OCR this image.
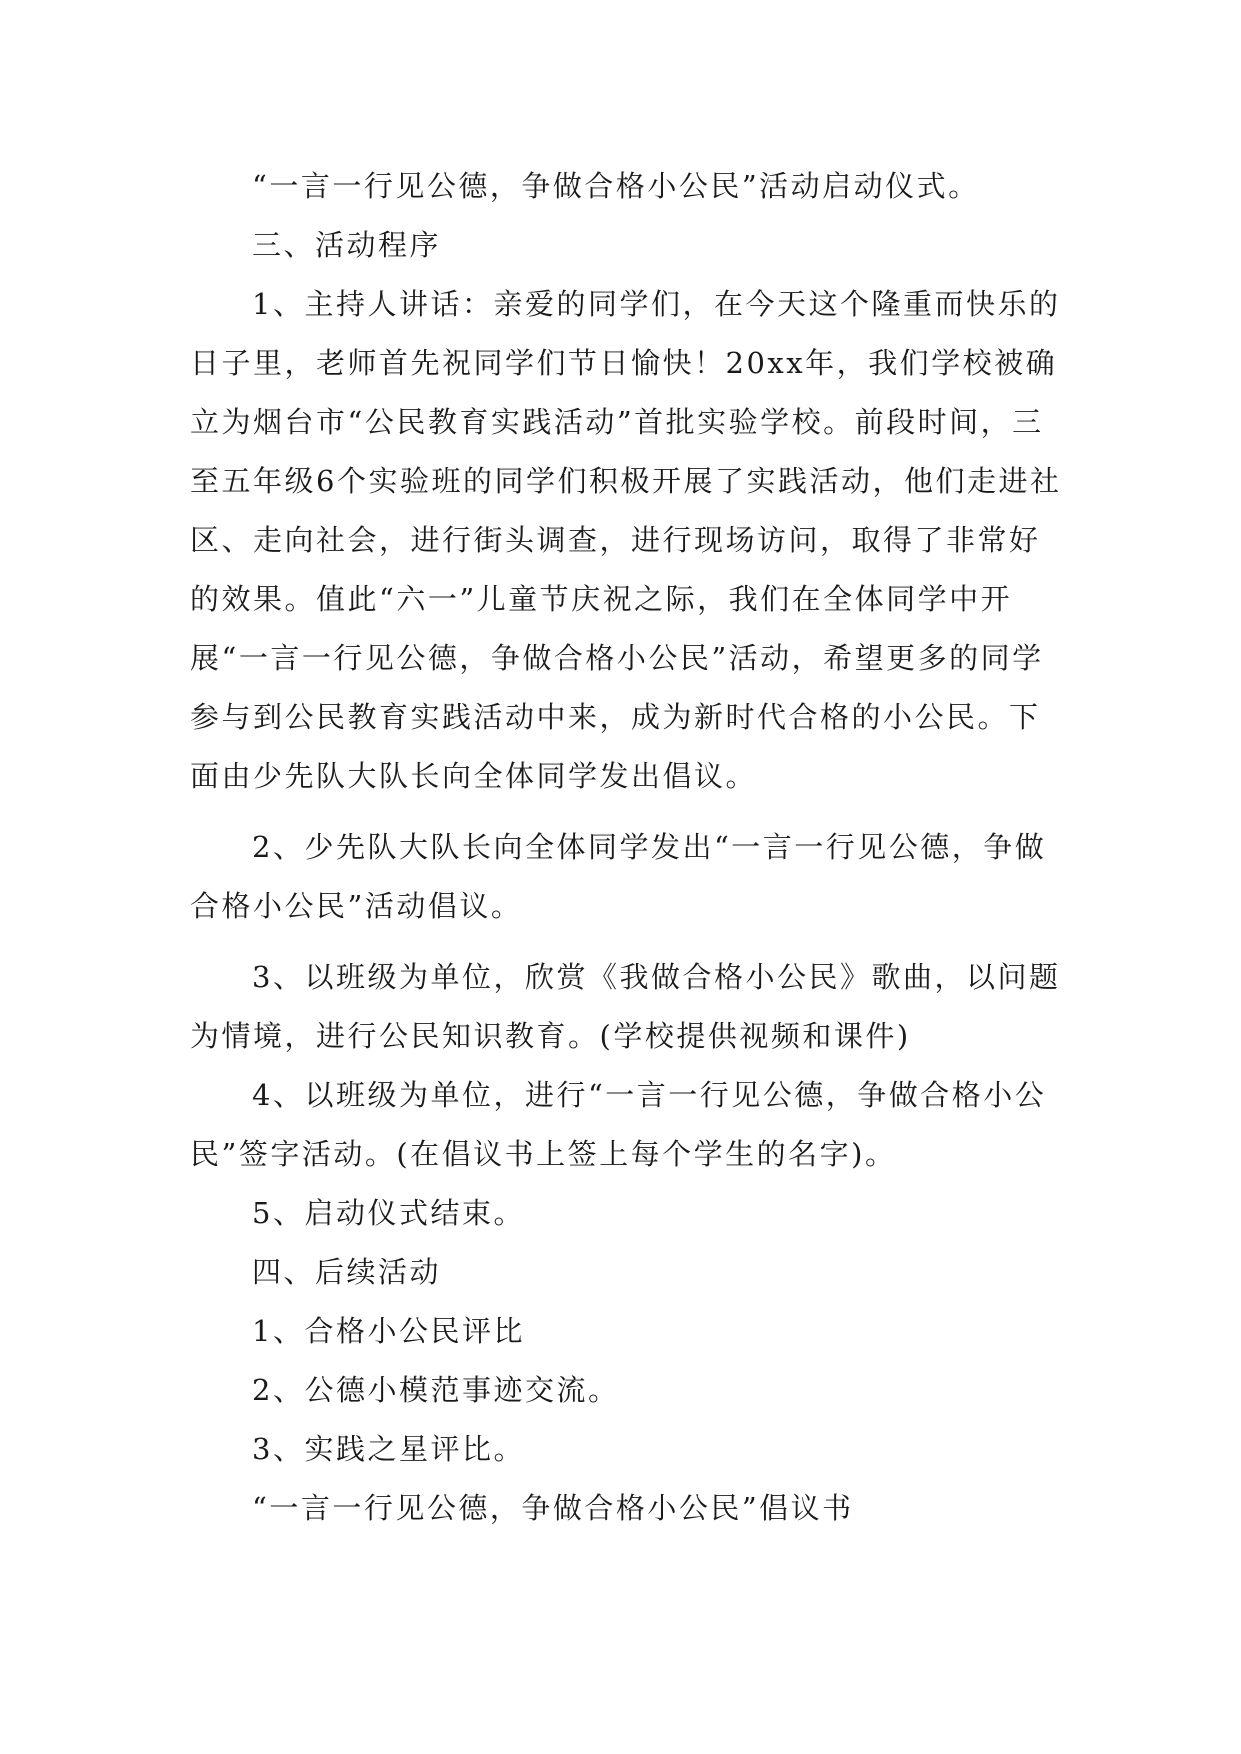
“一言一行见公德，争做合格小公民”活动启动仪式。

三、活动程序

1、主持人讲话：亲爱的同学们，在今天这个隆重而快乐的日子里，老师首先祝同学们节日愉快！20xx年，我们学校被确立为烟台市“公民教育实践活动”首批实验学校。前段时间，三至五年级6个实验班的同学们积极开展了实践活动，他们走进社区、走向社会，进行街头调查，进行现场访问，取得了非常好的效果。值此“六一”儿童节庆祝之际，我们在全体同学中开展“一言一行见公德，争做合格小公民”活动，希望更多的同学参与到公民教育实践活动中来，成为新时代合格的小公民。下面由少先队大队长向全体同学发出倡议。

2、少先队大队长向全体同学发出“一言一行见公德，争做合格小公民”活动倡议。

3、以班级为单位，欣赏《我做合格小公民》歌曲，以问题为情境，进行公民知识教育。(学校提供视频和课件)

4、以班级为单位，进行“一言一行见公德，争做合格小公民”签字活动。(在倡议书上签上每个学生的名字)。

5、启动仪式结束。

四、后续活动

1、合格小公民评比

2、公德小模范事迹交流。

3、实践之星评比。

“一言一行见公德，争做合格小公民”倡议书
